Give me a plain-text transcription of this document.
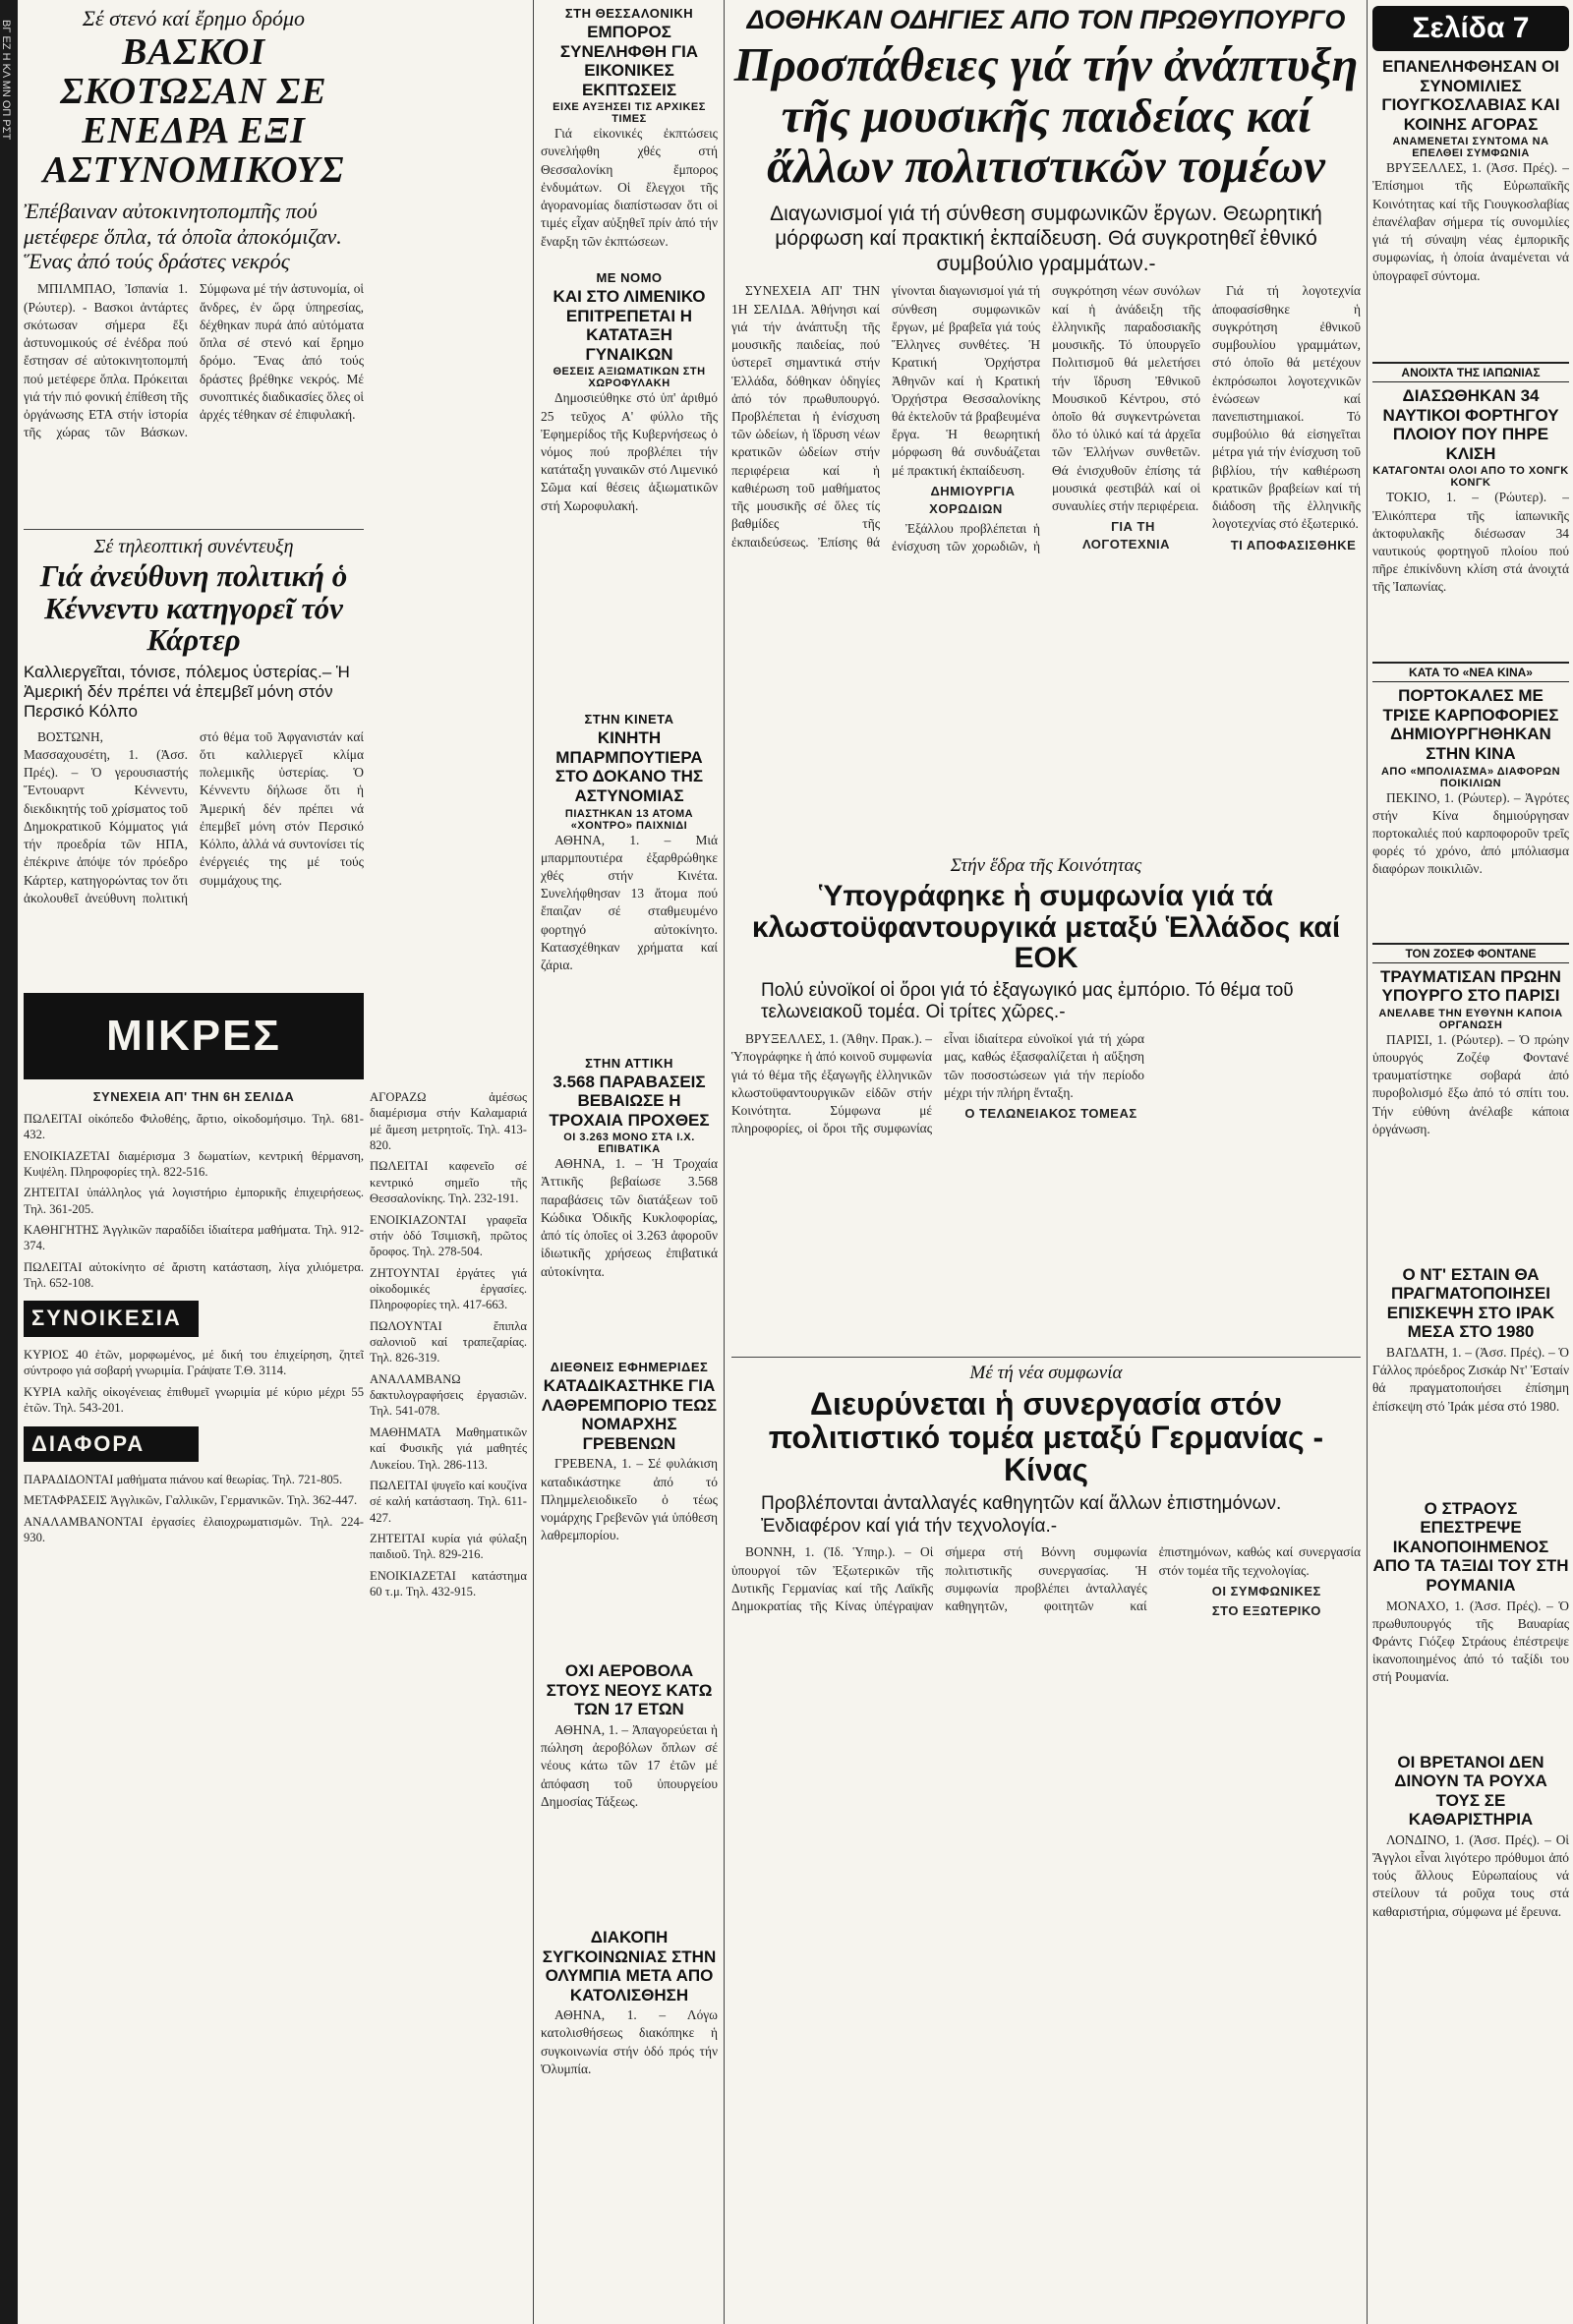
ΒΓ ΕΖ Η ΚΛ ΜΝ ΟΠ ΡΣΤ

Σέ στενό καί ἔρημο δρόμο

ΒΑΣΚΟΙ ΣΚΟΤΩΣΑΝ ΣΕ ΕΝΕΔΡΑ ΕΞΙ ΑΣΤΥΝΟΜΙΚΟΥΣ

Ἐπέβαιναν αὐτοκινητοπομπῆς πού μετέφερε ὅπλα, τά ὁποῖα ἀποκόμιζαν. Ἕνας ἀπό τούς δράστες νεκρός

ΜΠΙΛΜΠΑΟ, Ἰσπανία 1. (Ρώυτερ). - Βασκοι ἀντάρτες σκότωσαν σήμερα ἔξι ἀστυνομικούς σέ ἐνέδρα πού ἔστησαν σέ αὐτοκινητοπομπή πού μετέφερε ὅπλα. Πρόκειται γιά τήν πιό φονική ἐπίθεση τῆς ὀργάνωσης ΕΤΑ στήν ἱστορία τῆς χώρας τῶν Βάσκων. Σύμφωνα μέ τήν ἀστυνομία, οἱ ἄνδρες, ἐν ὥρᾳ ὑπηρεσίας, δέχθηκαν πυρά ἀπό αὐτόματα ὅπλα σέ στενό καί ἔρημο δρόμο. Ἕνας ἀπό τούς δράστες βρέθηκε νεκρός. Μέ συνοπτικές διαδικασίες ὅλες οἱ ἀρχές τέθηκαν σέ ἐπιφυλακή.

Σέ τηλεοπτική συνέντευξη

Γιά ἀνεύθυνη πολιτική ὁ Κέννεντυ κατηγορεῖ τόν Κάρτερ

Καλλιεργεῖται, τόνισε, πόλεμος ὑστερίας.– Ἡ Ἀμερική δέν πρέπει νά ἐπεμβεῖ μόνη στόν Περσικό Κόλπο

ΒΟΣΤΩΝΗ, Μασσαχουσέτη, 1. (Ἀσσ. Πρές). – Ὁ γερουσιαστής Ἔντουαρντ Κέννεντυ, διεκδικητής τοῦ χρίσματος τοῦ Δημοκρατικοῦ Κόμματος γιά τήν προεδρία τῶν ΗΠΑ, ἐπέκρινε ἀπόψε τόν πρόεδρο Κάρτερ, κατηγορώντας τον ὅτι ἀκολουθεῖ ἀνεύθυνη πολιτική στό θέμα τοῦ Ἀφγανιστάν καί ὅτι καλλιεργεῖ κλίμα πολεμικῆς ὑστερίας. Ὁ Κέννεντυ δήλωσε ὅτι ἡ Ἀμερική δέν πρέπει νά ἐπεμβεῖ μόνη στόν Περσικό Κόλπο, ἀλλά νά συντονίσει τίς ἐνέργειές της μέ τούς συμμάχους της.

ΜΙΚΡΕΣ

ΣΥΝΕΧΕΙΑ ΑΠ' ΤΗΝ 6Η ΣΕΛΙΔΑ

ΠΩΛΕΙΤΑΙ οἰκόπεδο Φιλοθέης, ἄρτιο, οἰκοδομήσιμο. Τηλ. 681-432.

ΕΝΟΙΚΙΑΖΕΤΑΙ διαμέρισμα 3 δωματίων, κεντρική θέρμανση, Κυψέλη. Πληροφορίες τηλ. 822-516.

ΖΗΤΕΙΤΑΙ ὑπάλληλος γιά λογιστήριο ἐμπορικῆς ἐπιχειρήσεως. Τηλ. 361-205.

ΚΑΘΗΓΗΤΗΣ Ἀγγλικῶν παραδίδει ἰδιαίτερα μαθήματα. Τηλ. 912-374.

ΠΩΛΕΙΤΑΙ αὐτοκίνητο σέ ἄριστη κατάσταση, λίγα χιλιόμετρα. Τηλ. 652-108.

ΣΥΝΟΙΚΕΣΙΑ

ΚΥΡΙΟΣ 40 ἐτῶν, μορφωμένος, μέ δική του ἐπιχείρηση, ζητεῖ σύντροφο γιά σοβαρή γνωριμία. Γράψατε Τ.Θ. 3114.

ΚΥΡΙΑ καλῆς οἰκογένειας ἐπιθυμεῖ γνωριμία μέ κύριο μέχρι 55 ἐτῶν. Τηλ. 543-201.

ΔΙΑΦΟΡΑ

ΠΑΡΑΔΙΔΟΝΤΑΙ μαθήματα πιάνου καί θεωρίας. Τηλ. 721-805.

ΜΕΤΑΦΡΑΣΕΙΣ Ἀγγλικῶν, Γαλλικῶν, Γερμανικῶν. Τηλ. 362-447.

ΑΝΑΛΑΜΒΑΝΟΝΤΑΙ ἐργασίες ἐλαιοχρωματισμῶν. Τηλ. 224-930.

ΑΓΟΡΑΖΩ ἀμέσως διαμέρισμα στήν Καλαμαριά μέ ἄμεση μετρητοῖς. Τηλ. 413-820.

ΠΩΛΕΙΤΑΙ καφενεῖο σέ κεντρικό σημεῖο τῆς Θεσσαλονίκης. Τηλ. 232-191.

ΕΝΟΙΚΙΑΖΟΝΤΑΙ γραφεῖα στήν ὁδό Τσιμισκῆ, πρῶτος ὄροφος. Τηλ. 278-504.

ΖΗΤΟΥΝΤΑΙ ἐργάτες γιά οἰκοδομικές ἐργασίες. Πληροφορίες τηλ. 417-663.

ΠΩΛΟΥΝΤΑΙ ἔπιπλα σαλονιοῦ καί τραπεζαρίας. Τηλ. 826-319.

ΑΝΑΛΑΜΒΑΝΩ δακτυλογραφήσεις ἐργασιῶν. Τηλ. 541-078.

ΜΑΘΗΜΑΤΑ Μαθηματικῶν καί Φυσικῆς γιά μαθητές Λυκείου. Τηλ. 286-113.

ΠΩΛΕΙΤΑΙ ψυγεῖο καί κουζίνα σέ καλή κατάσταση. Τηλ. 611-427.

ΖΗΤΕΙΤΑΙ κυρία γιά φύλαξη παιδιοῦ. Τηλ. 829-216.

ΕΝΟΙΚΙΑΖΕΤΑΙ κατάστημα 60 τ.μ. Τηλ. 432-915.

ΣΤΗ ΘΕΣΣΑΛΟΝΙΚΗ

ΕΜΠΟΡΟΣ ΣΥΝΕΛΗΦΘΗ ΓΙΑ ΕΙΚΟΝΙΚΕΣ ΕΚΠΤΩΣΕΙΣ

ΕΙΧΕ ΑΥΞΗΣΕΙ ΤΙΣ ΑΡΧΙΚΕΣ ΤΙΜΕΣ

Γιά εἰκονικές ἐκπτώσεις συνελήφθη χθές στή Θεσσαλονίκη ἔμπορος ἐνδυμάτων. Οἱ ἔλεγχοι τῆς ἀγορανομίας διαπίστωσαν ὅτι οἱ τιμές εἶχαν αὐξηθεῖ πρίν ἀπό τήν ἔναρξη τῶν ἐκπτώσεων.

ΜΕ ΝΟΜΟ

ΚΑΙ ΣΤΟ ΛΙΜΕΝΙΚΟ ΕΠΙΤΡΕΠΕΤΑΙ Η ΚΑΤΑΤΑΞΗ ΓΥΝΑΙΚΩΝ

ΘΕΣΕΙΣ ΑΞΙΩΜΑΤΙΚΩΝ ΣΤΗ ΧΩΡΟΦΥΛΑΚΗ

Δημοσιεύθηκε στό ὑπ' ἀριθμό 25 τεῦχος Α' φύλλο τῆς Ἐφημερίδος τῆς Κυβερνήσεως ὁ νόμος πού προβλέπει τήν κατάταξη γυναικῶν στό Λιμενικό Σῶμα καί θέσεις ἀξιωματικῶν στή Χωροφυλακή.

ΣΤΗΝ ΚΙΝΕΤΑ

ΚΙΝΗΤΗ ΜΠΑΡΜΠΟΥΤΙΕΡΑ ΣΤΟ ΔΟΚΑΝΟ ΤΗΣ ΑΣΤΥΝΟΜΙΑΣ

ΠΙΑΣΤΗΚΑΝ 13 ΑΤΟΜΑ «ΧΟΝΤΡΟ» ΠΑΙΧΝΙΔΙ

ΑΘΗΝΑ, 1. – Μιά μπαρμπουτιέρα ἐξαρθρώθηκε χθές στήν Κινέτα. Συνελήφθησαν 13 ἄτομα πού ἔπαιζαν σέ σταθμευμένο φορτηγό αὐτοκίνητο. Κατασχέθηκαν χρήματα καί ζάρια.

ΣΤΗΝ ΑΤΤΙΚΗ

3.568 ΠΑΡΑΒΑΣΕΙΣ ΒΕΒΑΙΩΣΕ Η ΤΡΟΧΑΙΑ ΠΡΟΧΘΕΣ

ΟΙ 3.263 ΜΟΝΟ ΣΤΑ Ι.Χ. ΕΠΙΒΑΤΙΚΑ

ΑΘΗΝΑ, 1. – Ἡ Τροχαία Ἀττικῆς βεβαίωσε 3.568 παραβάσεις τῶν διατάξεων τοῦ Κώδικα Ὁδικῆς Κυκλοφορίας, ἀπό τίς ὁποῖες οἱ 3.263 ἀφοροῦν ἰδιωτικῆς χρήσεως ἐπιβατικά αὐτοκίνητα.

ΔΙΕΘΝΕΙΣ ΕΦΗΜΕΡΙΔΕΣ

ΚΑΤΑΔΙΚΑΣΤΗΚΕ ΓΙΑ ΛΑΘΡΕΜΠΟΡΙΟ ΤΕΩΣ ΝΟΜΑΡΧΗΣ ΓΡΕΒΕΝΩΝ

ΓΡΕΒΕΝΑ, 1. – Σέ φυλάκιση καταδικάστηκε ἀπό τό Πλημμελειοδικεῖο ὁ τέως νομάρχης Γρεβενῶν γιά ὑπόθεση λαθρεμπορίου.

ΟΧΙ ΑΕΡΟΒΟΛΑ ΣΤΟΥΣ ΝΕΟΥΣ ΚΑΤΩ ΤΩΝ 17 ΕΤΩΝ

ΑΘΗΝΑ, 1. – Ἀπαγορεύεται ἡ πώληση ἀεροβόλων ὅπλων σέ νέους κάτω τῶν 17 ἐτῶν μέ ἀπόφαση τοῦ ὑπουργείου Δημοσίας Τάξεως.

ΔΙΑΚΟΠΗ ΣΥΓΚΟΙΝΩΝΙΑΣ ΣΤΗΝ ΟΛΥΜΠΙΑ ΜΕΤΑ ΑΠΟ ΚΑΤΟΛΙΣΘΗΣΗ

ΑΘΗΝΑ, 1. – Λόγω κατολισθήσεως διακόπηκε ἡ συγκοινωνία στήν ὁδό πρός τήν Ὀλυμπία.

ΔΟΘΗΚΑΝ ΟΔΗΓΙΕΣ ΑΠΟ ΤΟΝ ΠΡΩΘΥΠΟΥΡΓΟ

Προσπάθειες γιά τήν ἀνάπτυξη τῆς μουσικῆς παιδείας καί ἄλλων πολιτιστικῶν τομέων

Διαγωνισμοί γιά τή σύνθεση συμφωνικῶν ἔργων. Θεωρητική μόρφωση καί πρακτική ἐκπαίδευση. Θά συγκροτηθεῖ ἐθνικό συμβούλιο γραμμάτων.-

ΣΥΝΕΧΕΙΑ ΑΠ' ΤΗΝ 1Η ΣΕΛΙΔΑ. Ἀθήνησι καί γιά τήν ἀνάπτυξη τῆς μουσικῆς παιδείας, πού ὑστερεῖ σημαντικά στήν Ἑλλάδα, δόθηκαν ὁδηγίες ἀπό τόν πρωθυπουργό. Προβλέπεται ἡ ἐνίσχυση τῶν ὠδείων, ἡ ἵδρυση νέων κρατικῶν ὠδείων στήν περιφέρεια καί ἡ καθιέρωση τοῦ μαθήματος τῆς μουσικῆς σέ ὅλες τίς βαθμίδες τῆς ἐκπαιδεύσεως. Ἐπίσης θά γίνονται διαγωνισμοί γιά τή σύνθεση συμφωνικῶν ἔργων, μέ βραβεῖα γιά τούς Ἕλληνες συνθέτες. Ἡ Κρατική Ὀρχήστρα Ἀθηνῶν καί ἡ Κρατική Ὀρχήστρα Θεσσαλονίκης θά ἐκτελοῦν τά βραβευμένα ἔργα. Ἡ θεωρητική μόρφωση θά συνδυάζεται μέ πρακτική ἐκπαίδευση.

ΔΗΜΙΟΥΡΓΙΑ ΧΟΡΩΔΙΩΝ

Ἐξάλλου προβλέπεται ἡ ἐνίσχυση τῶν χορωδιῶν, ἡ συγκρότηση νέων συνόλων καί ἡ ἀνάδειξη τῆς ἑλληνικῆς παραδοσιακῆς μουσικῆς. Τό ὑπουργεῖο Πολιτισμοῦ θά μελετήσει τήν ἵδρυση Ἐθνικοῦ Μουσικοῦ Κέντρου, στό ὁποῖο θά συγκεντρώνεται ὅλο τό ὑλικό καί τά ἀρχεῖα τῶν Ἑλλήνων συνθετῶν. Θά ἐνισχυθοῦν ἐπίσης τά μουσικά φεστιβάλ καί οἱ συναυλίες στήν περιφέρεια.

ΓΙΑ ΤΗ ΛΟΓΟΤΕΧΝΙΑ

Γιά τή λογοτεχνία ἀποφασίσθηκε ἡ συγκρότηση ἐθνικοῦ συμβουλίου γραμμάτων, στό ὁποῖο θά μετέχουν ἐκπρόσωποι λογοτεχνικῶν ἑνώσεων καί πανεπιστημιακοί. Τό συμβούλιο θά εἰσηγεῖται μέτρα γιά τήν ἐνίσχυση τοῦ βιβλίου, τήν καθιέρωση κρατικῶν βραβείων καί τή διάδοση τῆς ἑλληνικῆς λογοτεχνίας στό ἐξωτερικό.

ΤΙ ΑΠΟΦΑΣΙΣΘΗΚΕ

Στήν ἕδρα τῆς Κοινότητας

Ὑπογράφηκε ἡ συμφωνία γιά τά κλωστοϋφαντουργικά μεταξύ Ἑλλάδος καί ΕΟΚ

Πολύ εὐνοϊκοί οἱ ὅροι γιά τό ἐξαγωγικό μας ἐμπόριο. Τό θέμα τοῦ τελωνειακοῦ τομέα. Οἱ τρίτες χῶρες.-

ΒΡΥΞΕΛΛΕΣ, 1. (Ἀθην. Πρακ.). – Ὑπογράφηκε ἡ ἀπό κοινοῦ συμφωνία γιά τό θέμα τῆς ἐξαγωγῆς ἑλληνικῶν κλωστοϋφαντουργικῶν εἰδῶν στήν Κοινότητα. Σύμφωνα μέ πληροφορίες, οἱ ὅροι τῆς συμφωνίας εἶναι ἰδιαίτερα εὐνοϊκοί γιά τή χώρα μας, καθώς ἐξασφαλίζεται ἡ αὔξηση τῶν ποσοστώσεων γιά τήν περίοδο μέχρι τήν πλήρη ἔνταξη.

Ο ΤΕΛΩΝΕΙΑΚΟΣ ΤΟΜΕΑΣ

Μέ τή νέα συμφωνία

Διευρύνεται ἡ συνεργασία στόν πολιτιστικό τομέα μεταξύ Γερμανίας - Κίνας

Προβλέπονται ἀνταλλαγές καθηγητῶν καί ἄλλων ἐπιστημόνων. Ἐνδιαφέρον καί γιά τήν τεχνολογία.-

ΒΟΝΝΗ, 1. (Ἰδ. Ὑπηρ.). – Οἱ ὑπουργοί τῶν Ἐξωτερικῶν τῆς Δυτικῆς Γερμανίας καί τῆς Λαϊκῆς Δημοκρατίας τῆς Κίνας ὑπέγραψαν σήμερα στή Βόννη συμφωνία πολιτιστικῆς συνεργασίας. Ἡ συμφωνία προβλέπει ἀνταλλαγές καθηγητῶν, φοιτητῶν καί ἐπιστημόνων, καθώς καί συνεργασία στόν τομέα τῆς τεχνολογίας.

ΟΙ ΣΥΜΦΩΝΙΚΕΣ

ΣΤΟ ΕΞΩΤΕΡΙΚΟ

Σελίδα 7
ΕΠΑΝΕΛΗΦΘΗΣΑΝ ΟΙ ΣΥΝΟΜΙΛΙΕΣ ΓΙΟΥΓΚΟΣΛΑΒΙΑΣ ΚΑΙ ΚΟΙΝΗΣ ΑΓΟΡΑΣ

ΑΝΑΜΕΝΕΤΑΙ ΣΥΝΤΟΜΑ ΝΑ ΕΠΕΛΘΕΙ ΣΥΜΦΩΝΙΑ

ΒΡΥΞΕΛΛΕΣ, 1. (Ἀσσ. Πρές). – Ἐπίσημοι τῆς Εὐρωπαϊκῆς Κοινότητας καί τῆς Γιουγκοσλαβίας ἐπανέλαβαν σήμερα τίς συνομιλίες γιά τή σύναψη νέας ἐμπορικῆς συμφωνίας, ἡ ὁποία ἀναμένεται νά ὑπογραφεῖ σύντομα.

ΑΝΟΙΧΤΑ ΤΗΣ ΙΑΠΩΝΙΑΣ
ΔΙΑΣΩΘΗΚΑΝ 34 ΝΑΥΤΙΚΟΙ ΦΟΡΤΗΓΟΥ ΠΛΟΙΟΥ ΠΟΥ ΠΗΡΕ ΚΛΙΣΗ

ΚΑΤΑΓΟΝΤΑΙ ΟΛΟΙ ΑΠΟ ΤΟ ΧΟΝΓΚ ΚΟΝΓΚ

ΤΟΚΙΟ, 1. – (Ρώυτερ). – Ἐλικόπτερα τῆς ἰαπωνικῆς ἀκτοφυλακῆς διέσωσαν 34 ναυτικούς φορτηγοῦ πλοίου πού πῆρε ἐπικίνδυνη κλίση στά ἀνοιχτά τῆς Ἰαπωνίας.

ΚΑΤΑ ΤΟ «ΝΕΑ ΚΙΝΑ»
ΠΟΡΤΟΚΑΛΕΣ ΜΕ ΤΡΙΣΕ ΚΑΡΠΟΦΟΡΙΕΣ ΔΗΜΙΟΥΡΓΗΘΗΚΑΝ ΣΤΗΝ ΚΙΝΑ

ΑΠΟ «ΜΠΟΛΙΑΣΜΑ» ΔΙΑΦΟΡΩΝ ΠΟΙΚΙΛΙΩΝ

ΠΕΚΙΝΟ, 1. (Ρώυτερ). – Ἀγρότες στήν Κίνα δημιούργησαν πορτοκαλιές πού καρποφοροῦν τρεῖς φορές τό χρόνο, ἀπό μπόλιασμα διαφόρων ποικιλιῶν.

ΤΟΝ ΖΟΣΕΦ ΦΟΝΤΑΝΕ
ΤΡΑΥΜΑΤΙΣΑΝ ΠΡΩΗΝ ΥΠΟΥΡΓΟ ΣΤΟ ΠΑΡΙΣΙ

ΑΝΕΛΑΒΕ ΤΗΝ ΕΥΘΥΝΗ ΚΑΠΟΙΑ ΟΡΓΑΝΩΣΗ

ΠΑΡΙΣΙ, 1. (Ρώυτερ). – Ὁ πρώην ὑπουργός Ζοζέφ Φοντανέ τραυματίστηκε σοβαρά ἀπό πυροβολισμό ἔξω ἀπό τό σπίτι του. Τήν εὐθύνη ἀνέλαβε κάποια ὀργάνωση.

Ο ΝΤ' ΕΣΤΑΙΝ ΘΑ ΠΡΑΓΜΑΤΟΠΟΙΗΣΕΙ ΕΠΙΣΚΕΨΗ ΣΤΟ ΙΡΑΚ ΜΕΣΑ ΣΤΟ 1980

ΒΑΓΔΑΤΗ, 1. – (Ἀσσ. Πρές). – Ὁ Γάλλος πρόεδρος Ζισκάρ Ντ' Ἐσταίν θά πραγματοποιήσει ἐπίσημη ἐπίσκεψη στό Ἰράκ μέσα στό 1980.

Ο ΣΤΡΑΟΥΣ ΕΠΕΣΤΡΕΨΕ ΙΚΑΝΟΠΟΙΗΜΕΝΟΣ ΑΠΟ ΤΑ ΤΑΞΙΔΙ ΤΟΥ ΣΤΗ ΡΟΥΜΑΝΙΑ

ΜΟΝΑΧΟ, 1. (Ἀσσ. Πρές). – Ὁ πρωθυπουργός τῆς Βαυαρίας Φράντς Γιόζεφ Στράους ἐπέστρεψε ἱκανοποιημένος ἀπό τό ταξίδι του στή Ρουμανία.

ΟΙ ΒΡΕΤΑΝΟΙ ΔΕΝ ΔΙΝΟΥΝ ΤΑ ΡΟΥΧΑ ΤΟΥΣ ΣΕ ΚΑΘΑΡΙΣΤΗΡΙΑ

ΛΟΝΔΙΝΟ, 1. (Ἀσσ. Πρές). – Οἱ Ἄγγλοι εἶναι λιγότερο πρόθυμοι ἀπό τούς ἄλλους Εὐρωπαίους νά στείλουν τά ροῦχα τους στά καθαριστήρια, σύμφωνα μέ ἔρευνα.
